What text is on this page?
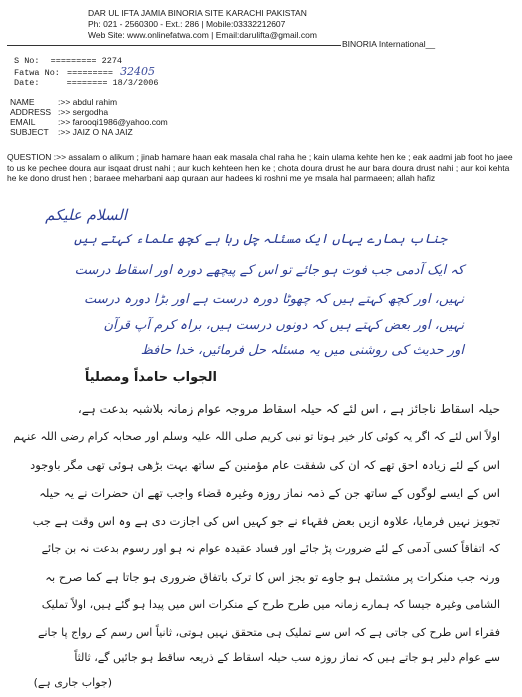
DAR UL IFTA JAMIA BINORIA SITE KARACHI PAKISTAN
Ph: 021 - 2560300 - Ext.: 286 | Mobile:03332212607
Web Site: www.onlinefatwa.com | Email:darulifta@gmail.com
BINORIA International__
S No: ========= 2274
Fatwa No: ========= 32405
Date:	======== 18/3/2006
NAME	:>> abdul rahim
ADDRESS :>> sergodha
EMAIL	:>> farooqi1986@yahoo.com
SUBJECT :>> JAIZ O NA JAIZ
QUESTION :>> assalam o alikum ; jinab hamare haan eak masala chal raha he ; kain ulama kehte hen ke ; eak aadmi jab foot ho jaee to us ke pechee doura aur isqaat drust nahi ; aur kuch kehteen hen ke ; chota doura drust he aur bara doura drust nahi ; aur koi kehta he ke dono drust hen ; baraee meharbani aap quraan aur hadees ki roshni me ye msala hal parmaeen; allah hafiz
السلام علیکم
جناب ہمارے یہاں ایک مسئلہ چل رہا ہے کچھ علماء کہتے ہیں
کہ ایک آدمی جب فوت ہو جائے تو اس کے پیچھے دورہ اور اسقاط درست
نہیں، اور کچھ کہتے ہیں کہ چھوٹا دورہ درست ہے اور بڑا دورہ درست
نہیں، اور بعض کہتے ہیں کہ دونوں درست ہیں، براہ کرم آپ قرآن
اور حدیث کی روشنی میں یہ مسئلہ حل فرمائیں، خدا حافظ
الجواب حامداً ومصلیاً
حیلہ اسقاط ناجائز ہے ، اس لئے کہ حیلہ اسقاط مروجہ عوام زمانہ بلاشبہ بدعت ہے،
اولاً اس لئے کہ اگر یہ کوئی کار خیر ہوتا تو نبی کریم صلی اللہ علیہ وسلم اور صحابہ کرام رضی اللہ عنہم
اس کے لئے زیادہ احق تھے کہ ان کی شفقت عام مؤمنین کے ساتھ بہت بڑھی ہوئی تھی مگر باوجود
اس کے ایسے لوگوں کے ساتھ جن کے ذمہ نماز روزہ وغیرہ قضاء واجب تھے ان حضرات نے یہ حیلہ
تجویز نہیں فرمایا، علاوہ ازیں بعض فقہاء نے جو کہیں اس کی اجازت دی ہے وہ اس وقت ہے جب
کہ اتفاقاً کسی آدمی کے لئے ضرورت پڑ جائے اور فساد عقیدہ عوام نہ ہو اور رسوم بدعت نہ بن جائے
ورنہ جب منکرات پر مشتمل ہو جاوے تو بجز اس کا ترک باتفاق ضروری ہو جاتا ہے کما صرح بہ
الشامی وغیرہ جیسا کہ ہمارے زمانہ میں طرح طرح کے منکرات اس میں پیدا ہو گئے ہیں، اولاً تملیک
فقراء اس طرح کی جاتی ہے کہ اس سے تملیک ہی متحقق نہیں ہوتی، ثانیاً اس رسم کے رواج پا جانے
سے عوام دلیر ہو جاتے ہیں کہ نماز روزہ سب حیلہ اسقاط کے ذریعہ ساقط ہو جائیں گے، ثالثاً
(جواب جاری ہے)
